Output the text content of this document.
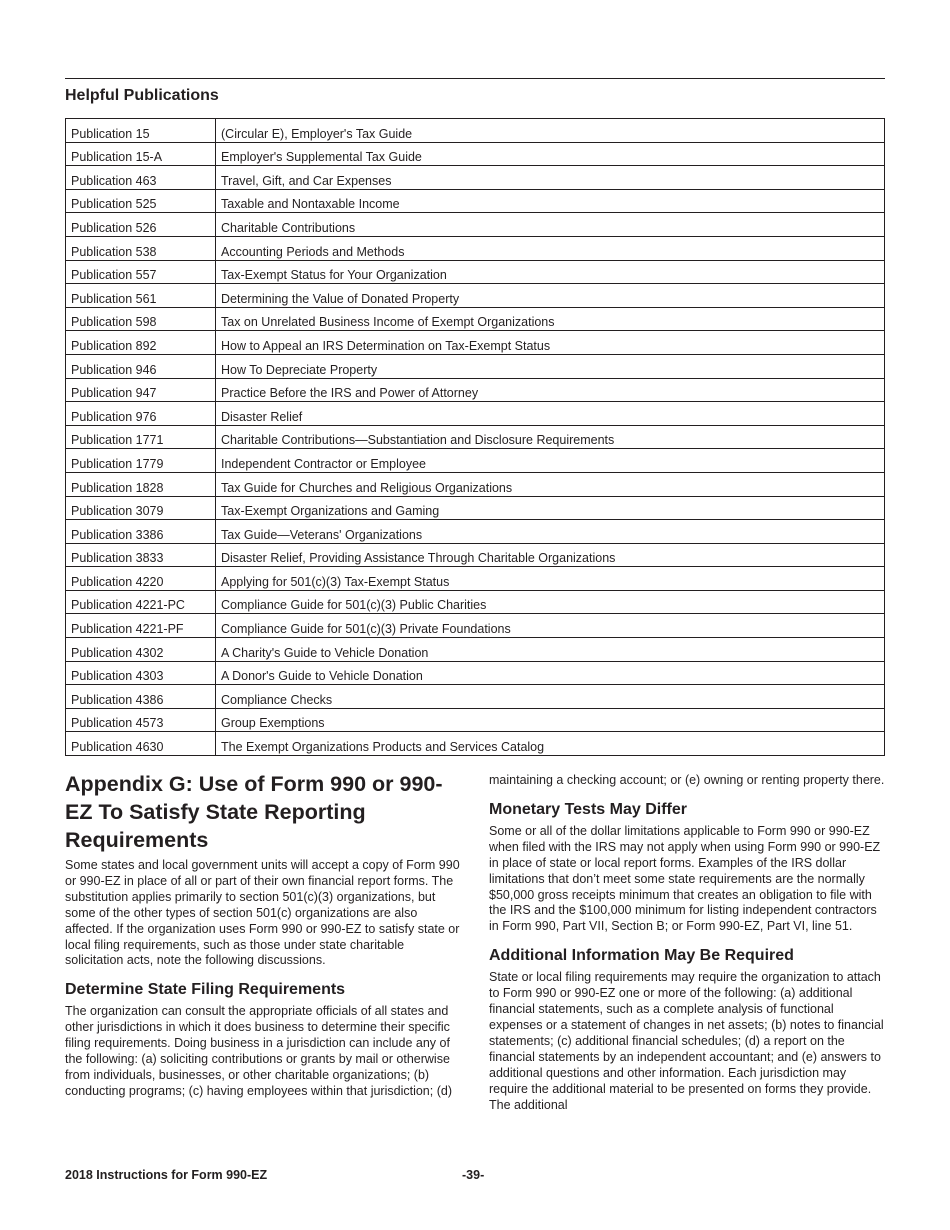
Helpful Publications
Publication 15	(Circular E), Employer's Tax Guide
Publication 15-A	Employer's Supplemental Tax Guide
Publication 463	Travel, Gift, and Car Expenses
Publication 525	Taxable and Nontaxable Income
Publication 526	Charitable Contributions
Publication 538	Accounting Periods and Methods
Publication 557	Tax-Exempt Status for Your Organization
Publication 561	Determining the Value of Donated Property
Publication 598	Tax on Unrelated Business Income of Exempt Organizations
Publication 892	How to Appeal an IRS Determination on Tax-Exempt Status
Publication 946	How To Depreciate Property
Publication 947	Practice Before the IRS and Power of Attorney
Publication 976	Disaster Relief
Publication 1771	Charitable Contributions—Substantiation and Disclosure Requirements
Publication 1779	Independent Contractor or Employee
Publication 1828	Tax Guide for Churches and Religious Organizations
Publication 3079	Tax-Exempt Organizations and Gaming
Publication 3386	Tax Guide—Veterans' Organizations
Publication 3833	Disaster Relief, Providing Assistance Through Charitable Organizations
Publication 4220	Applying for 501(c)(3) Tax-Exempt Status
Publication 4221-PC	Compliance Guide for 501(c)(3) Public Charities
Publication 4221-PF	Compliance Guide for 501(c)(3) Private Foundations
Publication 4302	A Charity's Guide to Vehicle Donation
Publication 4303	A Donor's Guide to Vehicle Donation
Publication 4386	Compliance Checks
Publication 4573	Group Exemptions
Publication 4630	The Exempt Organizations Products and Services Catalog
Appendix G: Use of Form 990 or 990-EZ To Satisfy State Reporting Requirements

Some states and local government units will accept a copy of Form 990 or 990-EZ in place of all or part of their own financial report forms. The substitution applies primarily to section 501(c)(3) organizations, but some of the other types of section 501(c) organizations are also affected. If the organization uses Form 990 or 990-EZ to satisfy state or local filing requirements, such as those under state charitable solicitation acts, note the following discussions.

Determine State Filing Requirements

The organization can consult the appropriate officials of all states and other jurisdictions in which it does business to determine their specific filing requirements. Doing business in a jurisdiction can include any of the following: (a) soliciting contributions or grants by mail or otherwise from individuals, businesses, or other charitable organizations; (b) conducting programs; (c) having employees within that jurisdiction; (d)

maintaining a checking account; or (e) owning or renting property there.

Monetary Tests May Differ

Some or all of the dollar limitations applicable to Form 990 or 990-EZ when filed with the IRS may not apply when using Form 990 or 990-EZ in place of state or local report forms. Examples of the IRS dollar limitations that don’t meet some state requirements are the normally $50,000 gross receipts minimum that creates an obligation to file with the IRS and the $100,000 minimum for listing independent contractors in Form 990, Part VII, Section B; or Form 990-EZ, Part VI, line 51.

Additional Information May Be Required

State or local filing requirements may require the organization to attach to Form 990 or 990-EZ one or more of the following: (a) additional financial statements, such as a complete analysis of functional expenses or a statement of changes in net assets; (b) notes to financial statements; (c) additional financial schedules; (d) a report on the financial statements by an independent accountant; and (e) answers to additional questions and other information. Each jurisdiction may require the additional material to be presented on forms they provide. The additional

2018 Instructions for Form 990-EZ	-39-
